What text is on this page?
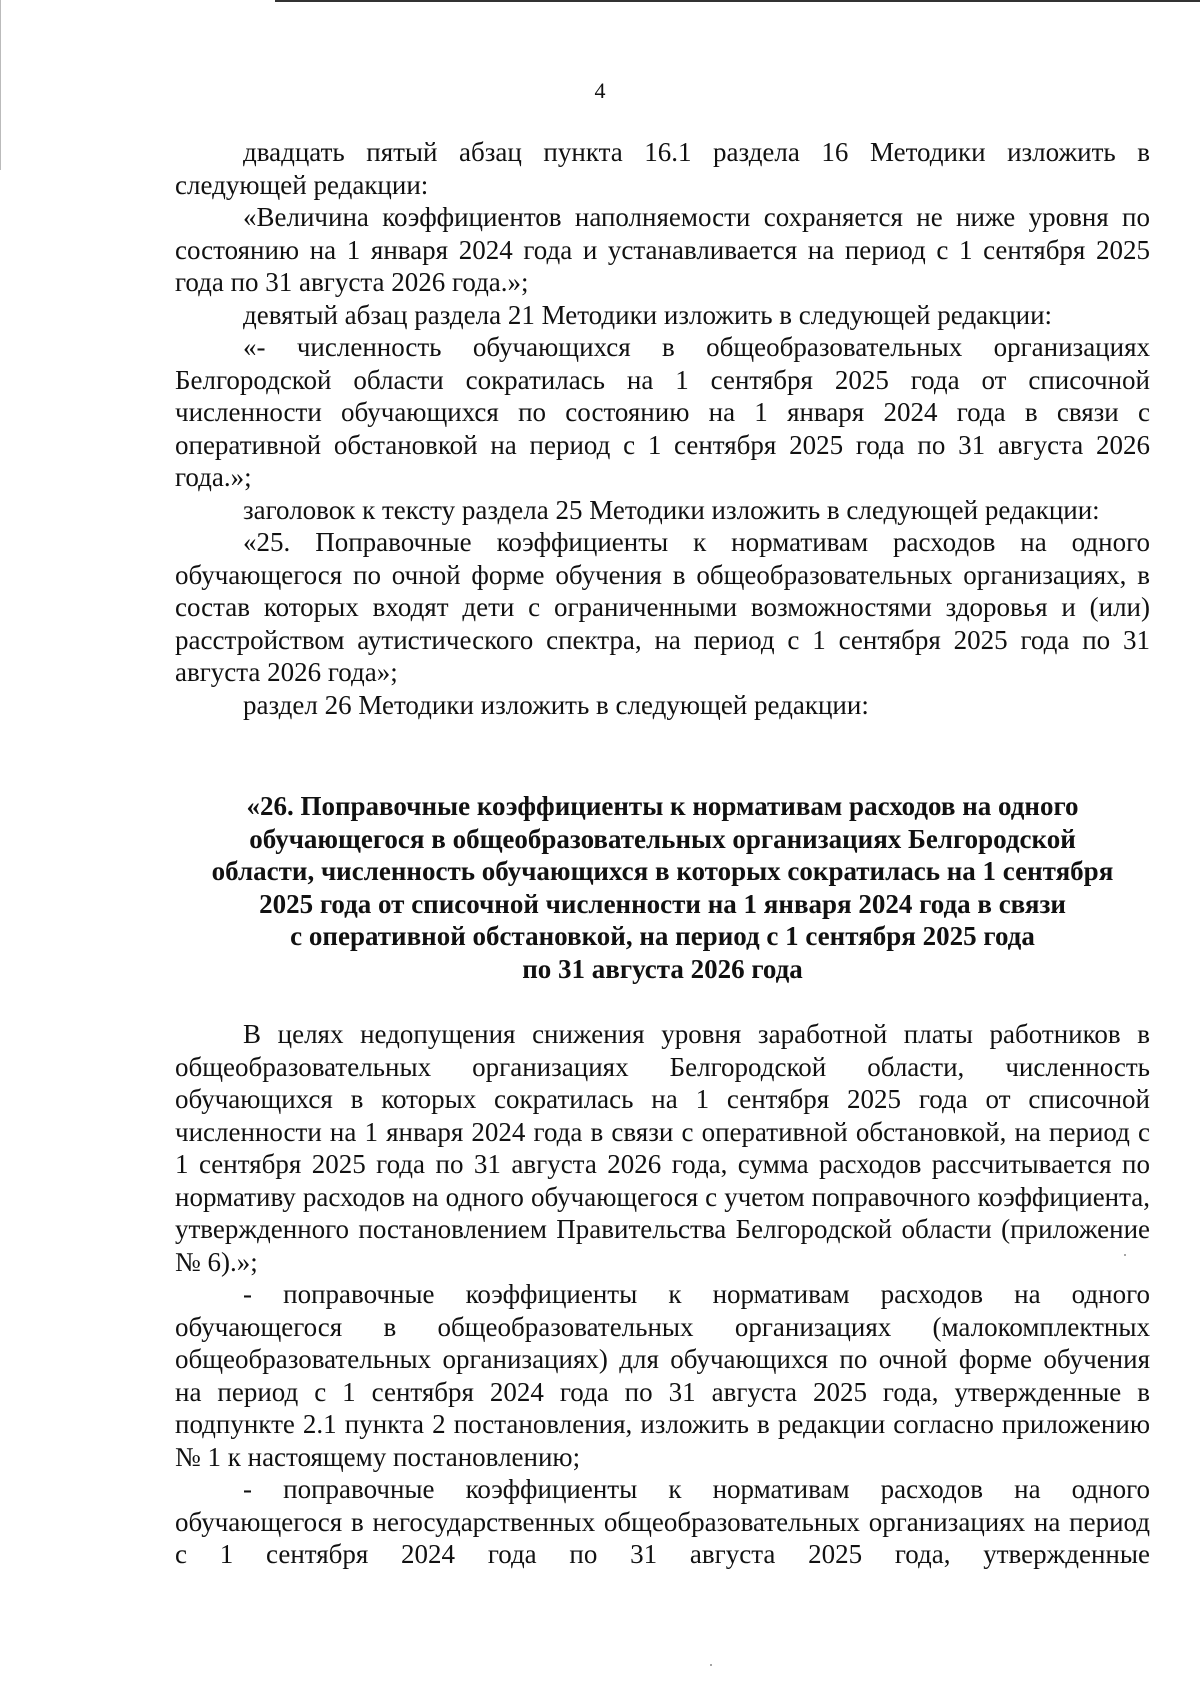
4

двадцать пятый абзац пункта 16.1 раздела 16 Методики изложить в следующей редакции:

«Величина коэффициентов наполняемости сохраняется не ниже уровня по состоянию на 1 января 2024 года и устанавливается на период с 1 сентября 2025 года по 31 августа 2026 года.»;

девятый абзац раздела 21 Методики изложить в следующей редакции:

«- численность обучающихся в общеобразовательных организациях Белгородской области сократилась на 1 сентября 2025 года от списочной численности обучающихся по состоянию на 1 января 2024 года в связи с оперативной обстановкой на период с 1 сентября 2025 года по 31 августа 2026 года.»;

заголовок к тексту раздела 25 Методики изложить в следующей редакции:

«25. Поправочные коэффициенты к нормативам расходов на одного обучающегося по очной форме обучения в общеобразовательных организациях, в состав которых входят дети с ограниченными возможностями здоровья и (или) расстройством аутистического спектра, на период с 1 сентября 2025 года по 31 августа 2026 года»;

раздел 26 Методики изложить в следующей редакции:

«26. Поправочные коэффициенты к нормативам расходов на одного
обучающегося в общеобразовательных организациях Белгородской
области, численность обучающихся в которых сократилась на 1 сентября
2025 года от списочной численности на 1 января 2024 года в связи
с оперативной обстановкой, на период с 1 сентября 2025 года
по 31 августа 2026 года

В целях недопущения снижения уровня заработной платы работников в общеобразовательных организациях Белгородской области, численность обучающихся в которых сократилась на 1 сентября 2025 года от списочной численности на 1 января 2024 года в связи с оперативной обстановкой, на период с 1 сентября 2025 года по 31 августа 2026 года, сумма расходов рассчитывается по нормативу расходов на одного обучающегося с учетом поправочного коэффициента, утвержденного постановлением Правительства Белгородской области (приложение № 6).»;

- поправочные коэффициенты к нормативам расходов на одного обучающегося в общеобразовательных организациях (малокомплектных общеобразовательных организациях) для обучающихся по очной форме обучения на период с 1 сентября 2024 года по 31 августа 2025 года, утвержденные в подпункте 2.1 пункта 2 постановления, изложить в редакции согласно приложению № 1 к настоящему постановлению;

- поправочные коэффициенты к нормативам расходов на одного обучающегося в негосударственных общеобразовательных организациях на период с 1 сентября 2024 года по 31 августа 2025 года, утвержденные
